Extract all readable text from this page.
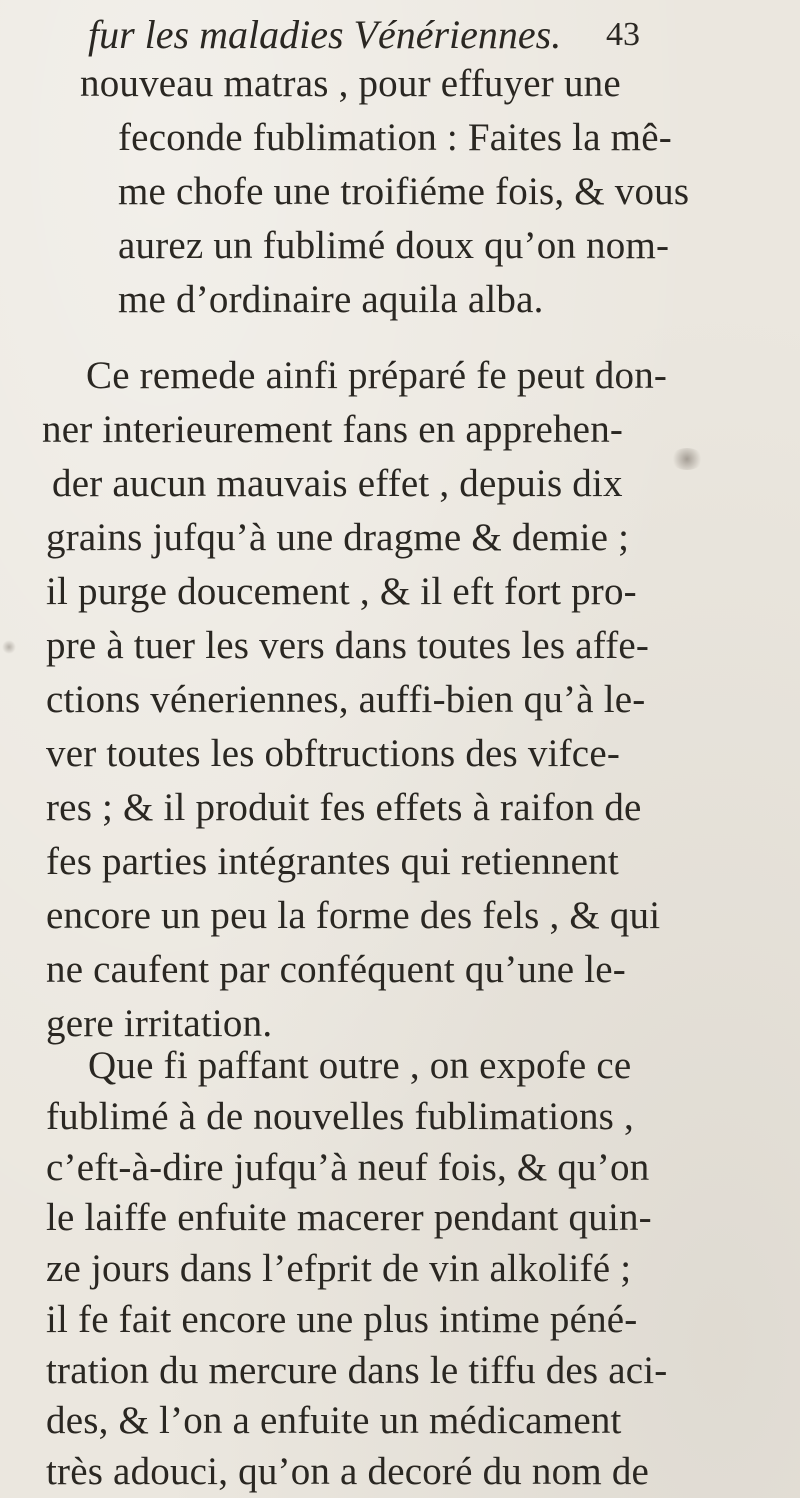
fur les maladies Vénériennes. 43
nouveau matras , pour effuyer une
feconde fublimation : Faites la mê-
me chofe une troifiéme fois, & vous
aurez un fublimé doux qu’on nom-
me d’ordinaire aquila alba.
Ce remede ainfi préparé fe peut don-
ner interieurement fans en apprehen-
der aucun mauvais effet , depuis dix
grains jufqu’à une dragme & demie ;
il purge doucement , & il eft fort pro-
pre à tuer les vers dans toutes les affe-
ctions véneriennes, auffi-bien qu’à le-
ver toutes les obftructions des vifce-
res ; & il produit fes effets à raifon de
fes parties intégrantes qui retiennent
encore un peu la forme des fels , & qui
ne caufent par conféquent qu’une le-
gere irritation.
Que fi paffant outre , on expofe ce
fublimé à de nouvelles fublimations ,
c’eft-à-dire jufqu’à neuf fois, & qu’on
le laiffe enfuite macerer pendant quin-
ze jours dans l’efprit de vin alkolifé ;
il fe fait encore une plus intime péné-
tration du mercure dans le tiffu des aci-
des, & l’on a enfuite un médicament
très adouci, qu’on a decoré du nom de
